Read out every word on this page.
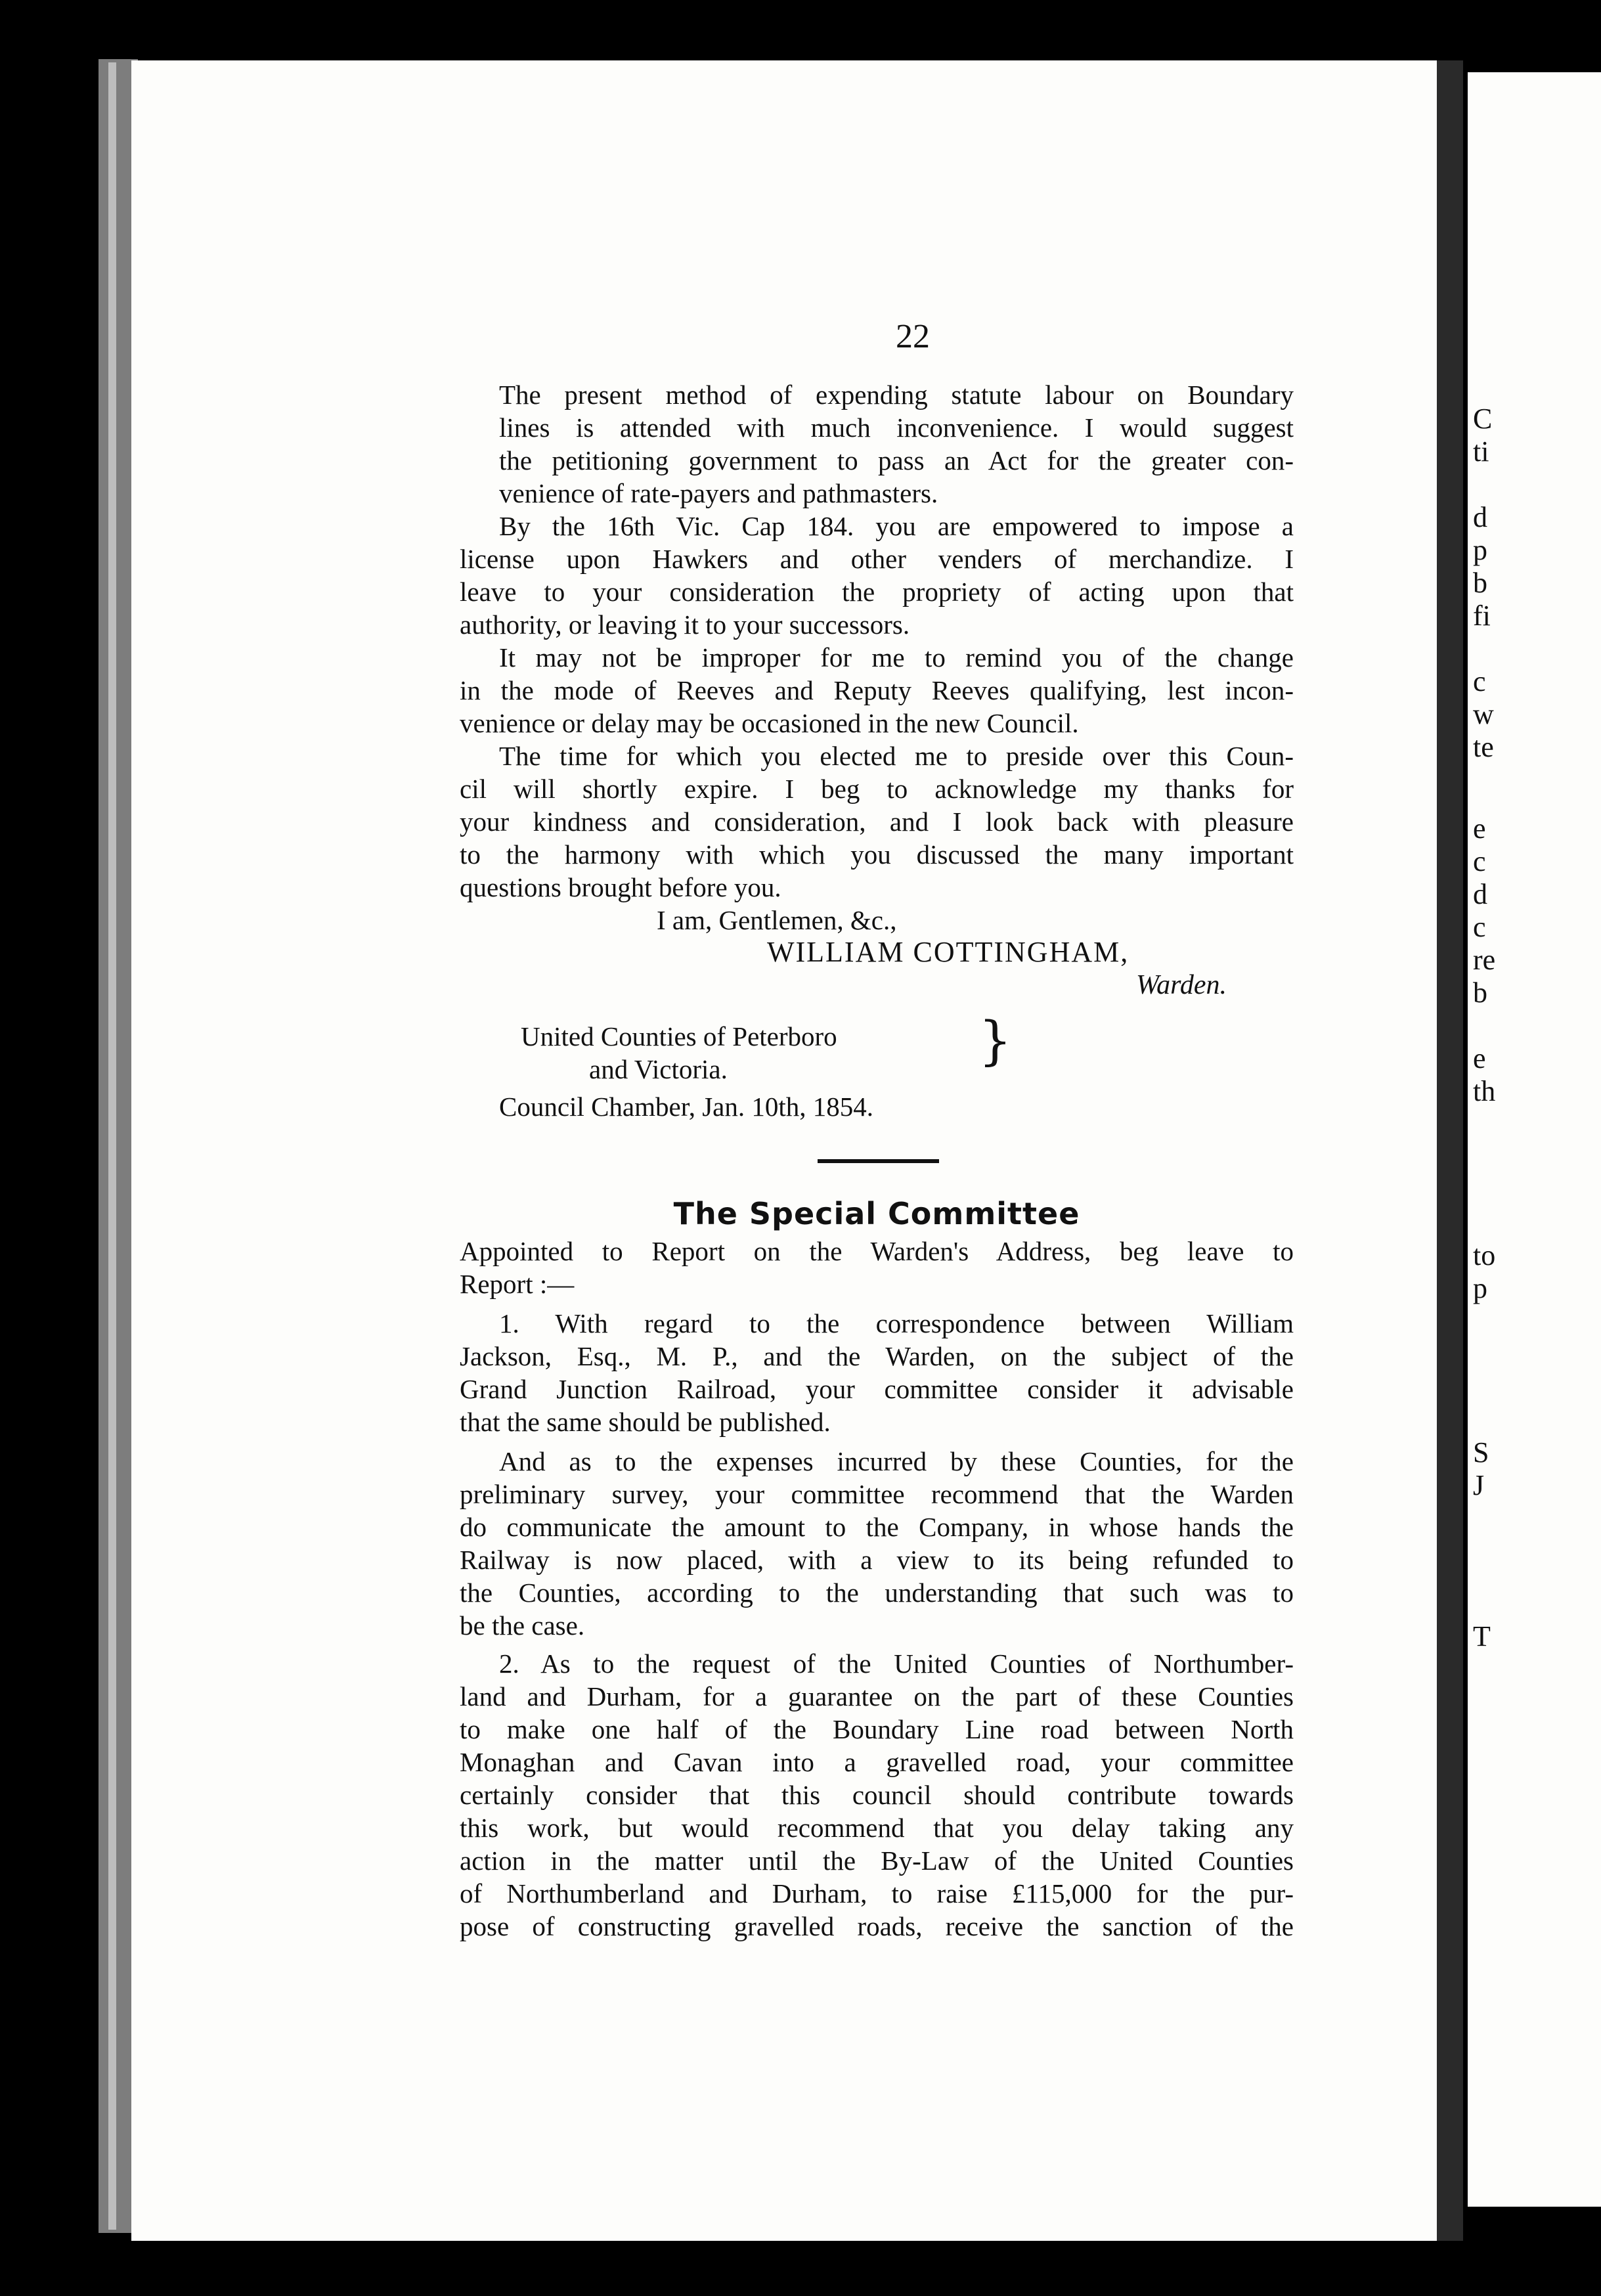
C
ti
d
p
b
fi
c
w
te
e
c
d
c
re
b
e
th
to
p
S
J
T
22
The present method of expending statute labour on Boundary
lines is attended with much inconvenience. I would suggest
the petitioning government to pass an Act for the greater con-
venience of rate-payers and pathmasters.
By the 16th Vic. Cap 184. you are empowered to impose a
license upon Hawkers and other venders of merchandize. I
leave to your consideration the propriety of acting upon that
authority, or leaving it to your successors.
It may not be improper for me to remind you of the change
in the mode of Reeves and Reputy Reeves qualifying, lest incon-
venience or delay may be occasioned in the new Council.
The time for which you elected me to preside over this Coun-
cil will shortly expire. I beg to acknowledge my thanks for
your kindness and consideration, and I look back with pleasure
to the harmony with which you discussed the many important
questions brought before you.
I am, Gentlemen, &c.,
WILLIAM COTTINGHAM,
Warden.
United Counties of Peterboro
and Victoria.	}
Council Chamber, Jan. 10th, 1854.
The Special Committee
Appointed to Report on the Warden's Address, beg leave to
Report :—
1. With regard to the correspondence between William
Jackson, Esq., M. P., and the Warden, on the subject of the
Grand Junction Railroad, your committee consider it advisable
that the same should be published.
And as to the expenses incurred by these Counties, for the
preliminary survey, your committee recommend that the Warden
do communicate the amount to the Company, in whose hands the
Railway is now placed, with a view to its being refunded to
the Counties, according to the understanding that such was to
be the case.
2. As to the request of the United Counties of Northumber-
land and Durham, for a guarantee on the part of these Counties
to make one half of the Boundary Line road between North
Monaghan and Cavan into a gravelled road, your committee
certainly consider that this council should contribute towards
this work, but would recommend that you delay taking any
action in the matter until the By-Law of the United Counties
of Northumberland and Durham, to raise £115,000 for the pur-
pose of constructing gravelled roads, receive the sanction of the
